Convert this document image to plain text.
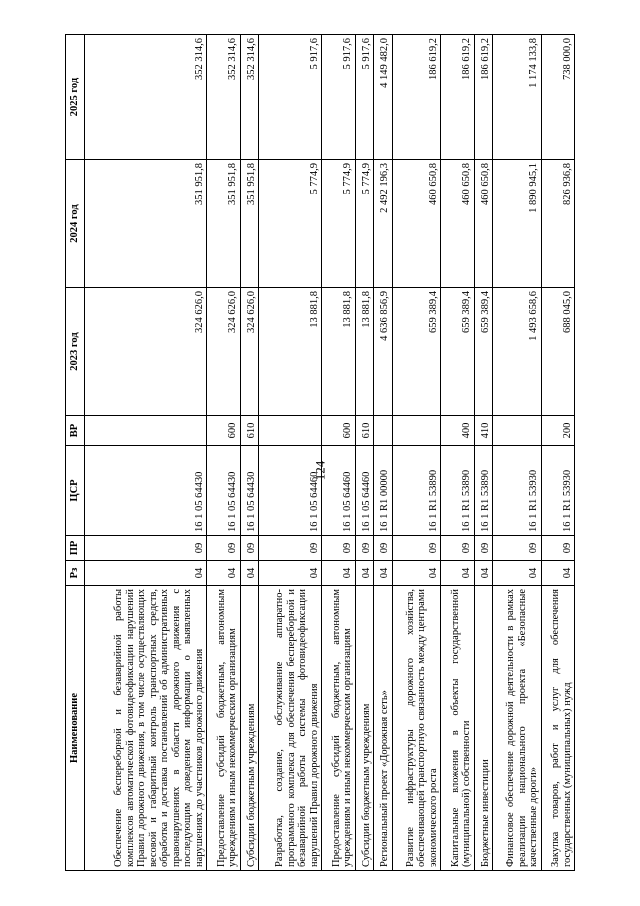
124
Наименование	Рз	ПР	ЦСР	ВР	2023 год	2024 год	2025 год
Обеспечение беспереборной и безаварийной работы комплексов автоматической фотовидеофиксации нарушений Правил дорожного движения, в том числе осуществляющих весовой и габаритный контроль транспортных средств, обработка и доставка постановлений об административных правонарушениях в области дорожного движения с последующим доведением информации о выявленных нарушениях до участников дорожного движения	04	09	16 1 05 64430		324 626,0	351 951,8	352 314,6
Предоставление субсидий бюджетным, автономным учреждениям и иным некоммерческим организациям	04	09	16 1 05 64430	600	324 626,0	351 951,8	352 314,6
Субсидии бюджетным учреждениям	04	09	16 1 05 64430	610	324 626,0	351 951,8	352 314,6
Разработка, создание, обслуживание аппаратно-программного комплекса для обеспечения беспереборной и безаварийной работы системы фотовидеофиксации нарушений Правил дорожного движения	04	09	16 1 05 64460		13 881,8	5 774,9	5 917,6
Предоставление субсидий бюджетным, автономным учреждениям и иным некоммерческим организациям	04	09	16 1 05 64460	600	13 881,8	5 774,9	5 917,6
Субсидии бюджетным учреждениям	04	09	16 1 05 64460	610	13 881,8	5 774,9	5 917,6
Региональный проект «Дорожная сеть»	04	09	16 1 R1 00000		4 636 856,9	2 492 196,3	4 149 482,0
Развитие инфраструктуры дорожного хозяйства, обеспечивающей транспортную связанность между центрами экономического роста	04	09	16 1 R1 53890		659 389,4	460 650,8	186 619,2
Капитальные вложения в объекты государственной (муниципальной) собственности	04	09	16 1 R1 53890	400	659 389,4	460 650,8	186 619,2
Бюджетные инвестиции	04	09	16 1 R1 53890	410	659 389,4	460 650,8	186 619,2
Финансовое обеспечение дорожной деятельности в рамках реализации национального проекта «Безопасные качественные дороги»	04	09	16 1 R1 53930		1 493 658,6	1 890 945,1	1 174 133,8
Закупка товаров, работ и услуг для обеспечения государственных (муниципальных) нужд	04	09	16 1 R1 53930	200	688 045,0	826 936,8	738 000,0
